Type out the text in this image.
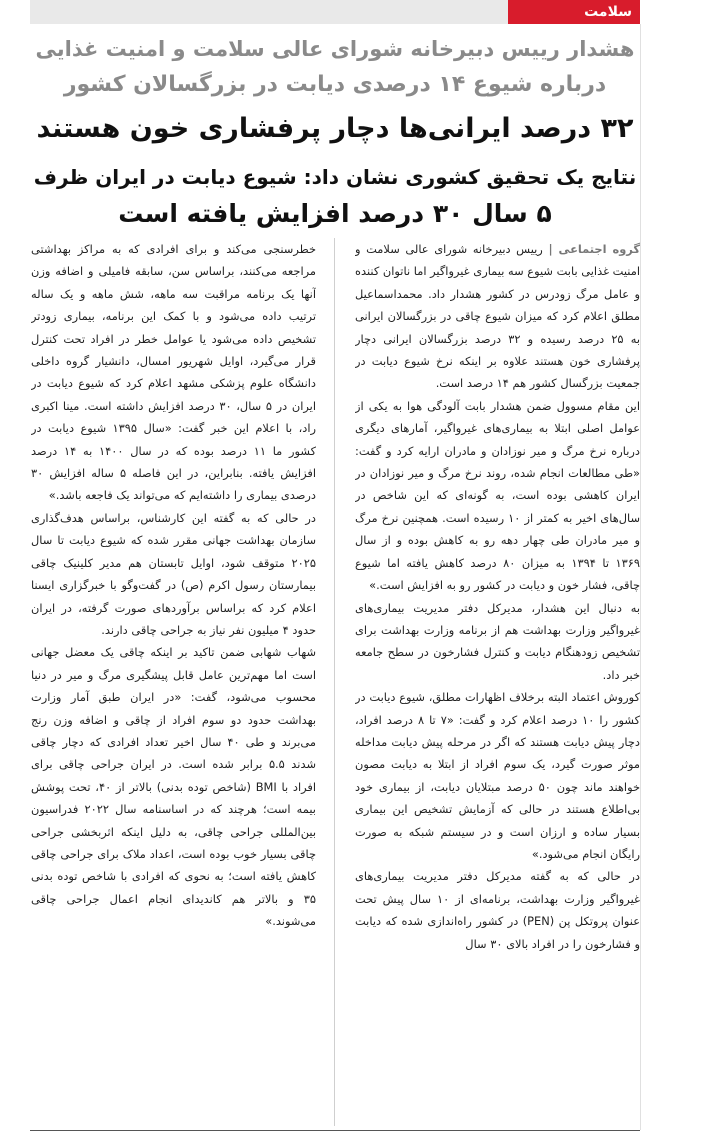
سلامت
هشدار رییس دبیرخانه شورای عالی سلامت و امنیت غذایی
درباره شیوع ۱۴ درصدی دیابت در بزرگسالان کشور
۳۲ درصد ایرانی‌ها دچار پرفشاری خون هستند
نتایج یک تحقیق کشوری نشان داد: شیوع دیابت در ایران ظرف
۵ سال ۳۰ درصد افزایش یافته است

گروه اجتماعی | رییس دبیرخانه شورای عالی سلامت و امنیت غذایی بابت شیوع سه بیماری غیرواگیر اما ناتوان کننده و عامل مرگ زودرس در کشور هشدار داد. محمداسماعیل مطلق اعلام کرد که میزان شیوع چاقی در بزرگسالان ایرانی به ۲۵ درصد رسیده و ۳۲ درصد بزرگسالان ایرانی دچار پرفشاری خون هستند علاوه بر اینکه نرخ شیوع دیابت در جمعیت بزرگسال کشور هم ۱۴ درصد است.

این مقام مسوول ضمن هشدار بابت آلودگی هوا به یکی از عوامل اصلی ابتلا به بیماری‌های غیرواگیر، آمارهای دیگری درباره نرخ مرگ و میر نوزادان و مادران ارایه کرد و گفت: «طی مطالعات انجام شده، روند نرخ مرگ و میر نوزادان در ایران کاهشی بوده است، به گونه‌ای که این شاخص در سال‌های اخیر به کمتر از ۱۰ رسیده است. همچنین نرخ مرگ و میر مادران طی چهار دهه رو به کاهش بوده و از سال ۱۳۶۹ تا ۱۳۹۴ به میزان ۸۰ درصد کاهش یافته اما شیوع چاقی، فشار خون و دیابت در کشور رو به افزایش است.»

به دنبال این هشدار، مدیرکل دفتر مدیریت بیماری‌های غیرواگیر وزارت بهداشت هم از برنامه وزارت بهداشت برای تشخیص زودهنگام دیابت و کنترل فشارخون در سطح جامعه خبر داد.

کوروش اعتماد البته برخلاف اظهارات مطلق، شیوع دیابت در کشور را ۱۰ درصد اعلام کرد و گفت: «۷ تا ۸ درصد افراد، دچار پیش دیابت هستند که اگر در مرحله پیش دیابت مداخله موثر صورت گیرد، یک سوم افراد از ابتلا به دیابت مصون خواهند ماند چون ۵۰ درصد مبتلایان دیابت، از بیماری خود بی‌اطلاع هستند در حالی که آزمایش تشخیص این بیماری بسیار ساده و ارزان است و در سیستم شبکه به صورت رایگان انجام می‌شود.»

در حالی که به گفته مدیرکل دفتر مدیریت بیماری‌های غیرواگیر وزارت بهداشت، برنامه‌ای از ۱۰ سال پیش تحت عنوان پروتکل پن (PEN) در کشور راه‌اندازی شده که دیابت و فشارخون را در افراد بالای ۳۰ سال

خطرسنجی می‌کند و برای افرادی که به مراکز بهداشتی مراجعه می‌کنند، براساس سن، سابقه فامیلی و اضافه وزن آنها یک برنامه مراقبت سه ماهه، شش ماهه و یک ساله ترتیب داده می‌شود و با کمک این برنامه، بیماری زودتر تشخیص داده می‌شود یا عوامل خطر در افراد تحت کنترل قرار می‌گیرد، اوایل شهریور امسال، دانشیار گروه داخلی دانشگاه علوم پزشکی مشهد اعلام کرد که شیوع دیابت در ایران در ۵ سال، ۳۰ درصد افزایش داشته است. مینا اکبری راد، با اعلام این خبر گفت: «سال ۱۳۹۵ شیوع دیابت در کشور ما ۱۱ درصد بوده که در سال ۱۴۰۰ به ۱۴ درصد افزایش یافته. بنابراین، در این فاصله ۵ ساله افزایش ۳۰ درصدی بیماری را داشته‌ایم که می‌تواند یک فاجعه باشد.»

در حالی که به گفته این کارشناس، براساس هدف‌گذاری سازمان بهداشت جهانی مقرر شده که شیوع دیابت تا سال ۲۰۲۵ متوقف شود، اوایل تابستان هم مدیر کلینیک چاقی بیمارستان رسول اکرم (ص) در گفت‌وگو با خبرگزاری ایسنا اعلام کرد که براساس برآوردهای صورت گرفته، در ایران حدود ۴ میلیون نفر نیاز به جراحی چاقی دارند.

شهاب شهابی ضمن تاکید بر اینکه چاقی یک معضل جهانی است اما مهم‌ترین عامل قابل پیشگیری مرگ و میر در دنیا محسوب می‌شود، گفت: «در ایران طبق آمار وزارت بهداشت حدود دو سوم افراد از چاقی و اضافه وزن رنج می‌برند و طی ۴۰ سال اخیر تعداد افرادی که دچار چاقی شدند ۵.۵ برابر شده است. در ایران جراحی چاقی برای افراد با BMI (شاخص توده بدنی) بالاتر از ۴۰، تحت پوشش بیمه است؛ هرچند که در اساسنامه سال ۲۰۲۲ فدراسیون بین‌المللی جراحی چاقی، به دلیل اینکه اثربخشی جراحی چاقی بسیار خوب بوده است، اعداد ملاک برای جراحی چاقی کاهش یافته است؛ به نحوی که افرادی با شاخص توده بدنی ۳۵ و بالاتر هم کاندیدای انجام اعمال جراحی چاقی می‌شوند.»
